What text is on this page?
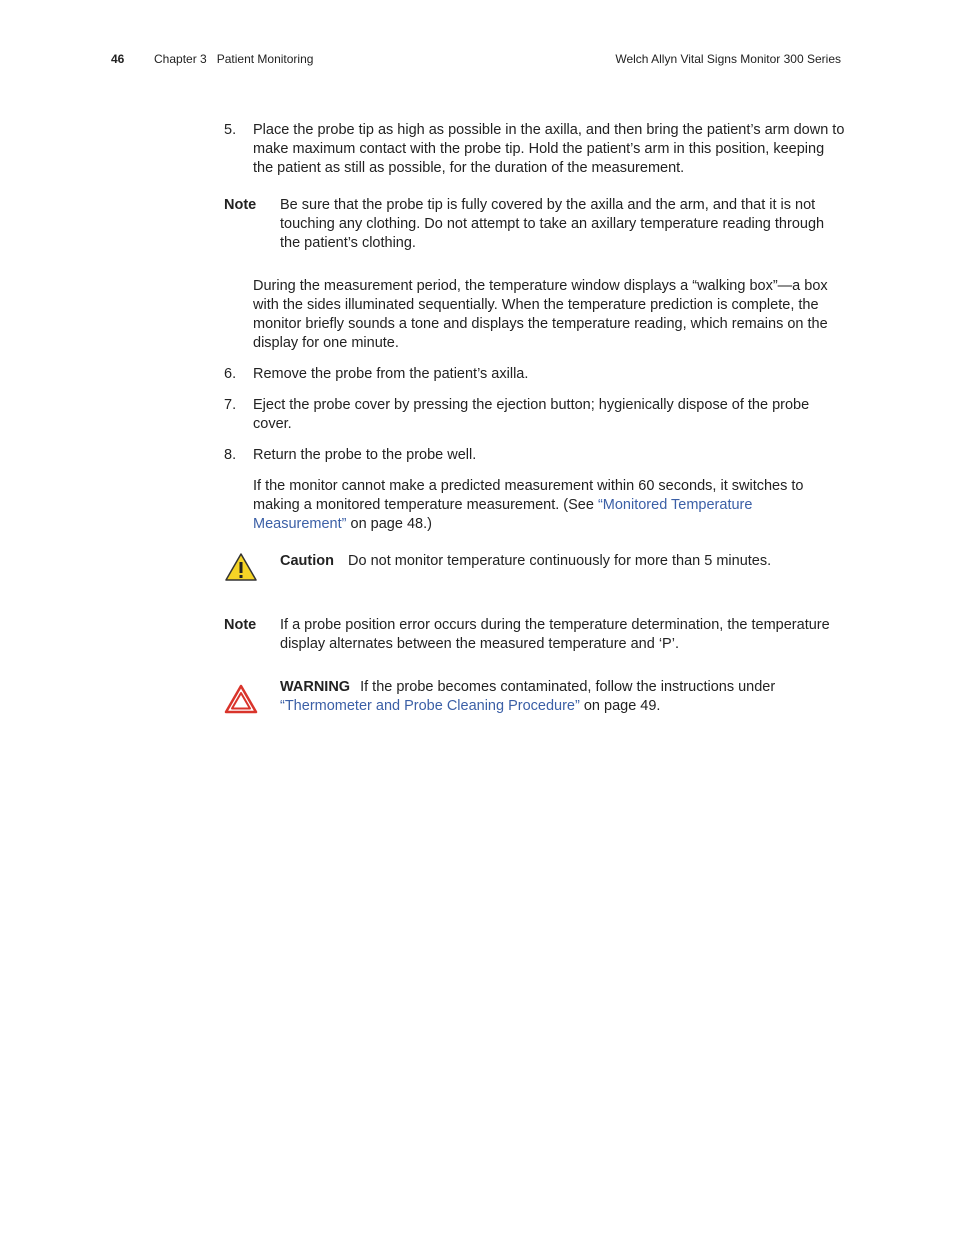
46 Chapter 3 Patient Monitoring	Welch Allyn Vital Signs Monitor 300 Series
5. Place the probe tip as high as possible in the axilla, and then bring the patient’s arm down to make maximum contact with the probe tip. Hold the patient’s arm in this position, keeping the patient as still as possible, for the duration of the measurement.
Note Be sure that the probe tip is fully covered by the axilla and the arm, and that it is not touching any clothing. Do not attempt to take an axillary temperature reading through the patient’s clothing.
During the measurement period, the temperature window displays a “walking box”—a box with the sides illuminated sequentially. When the temperature prediction is complete, the monitor briefly sounds a tone and displays the temperature reading, which remains on the display for one minute.
6. Remove the probe from the patient’s axilla.
7. Eject the probe cover by pressing the ejection button; hygienically dispose of the probe cover.
8. Return the probe to the probe well.
If the monitor cannot make a predicted measurement within 60 seconds, it switches to making a monitored temperature measurement. (See “Monitored Temperature Measurement” on page 48.)
Caution Do not monitor temperature continuously for more than 5 minutes.
Note If a probe position error occurs during the temperature determination, the temperature display alternates between the measured temperature and ‘P’.
WARNING If the probe becomes contaminated, follow the instructions under “Thermometer and Probe Cleaning Procedure” on page 49.
